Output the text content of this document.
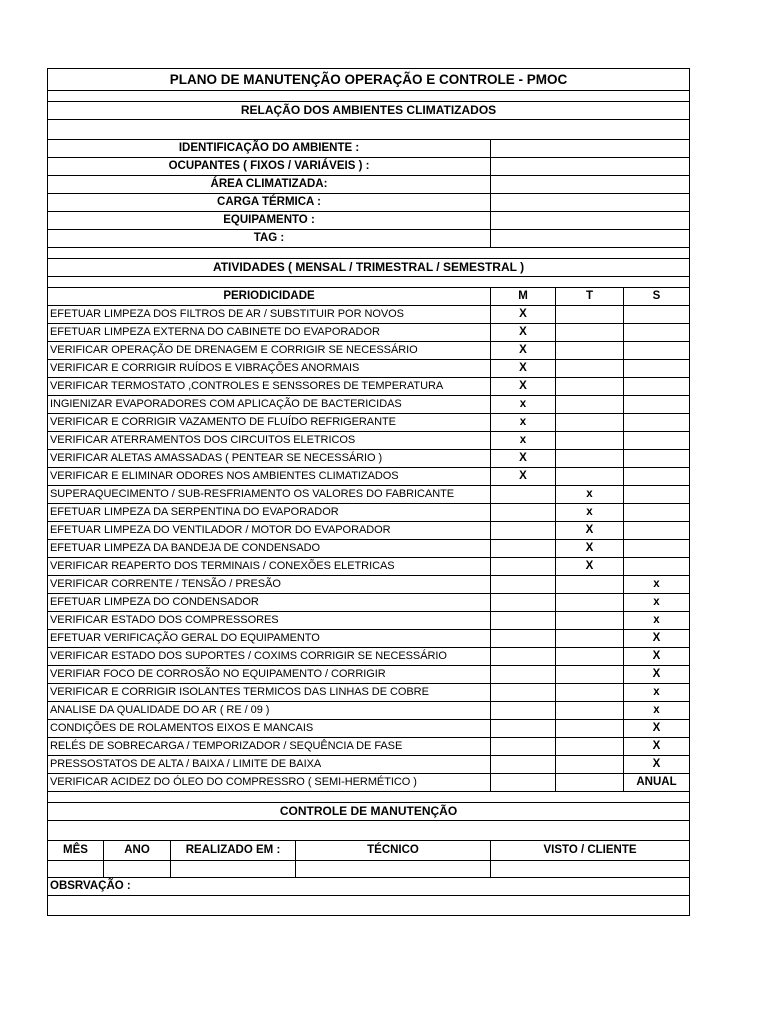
PLANO DE MANUTENÇÃO OPERAÇÃO E CONTROLE - PMOC						

RELAÇÃO DOS AMBIENTES CLIMATIZADOS						

IDENTIFICAÇÃO DO AMBIENTE :						
OCUPANTES ( FIXOS / VARIÁVEIS ) :						
ÁREA CLIMATIZADA:						
CARGA TÉRMICA :						
EQUIPAMENTO :						
TAG :						

ATIVIDADES ( MENSAL / TRIMESTRAL / SEMESTRAL )						

PERIODICIDADE				M	T	S
EFETUAR LIMPEZA DOS FILTROS DE AR / SUBSTITUIR POR NOVOS				X		
EFETUAR LIMPEZA EXTERNA DO CABINETE DO EVAPORADOR				X		
VERIFICAR OPERAÇÃO DE DRENAGEM E CORRIGIR SE NECESSÁRIO				X		
VERIFICAR E CORRIGIR RUÍDOS E VIBRAÇÕES ANORMAIS				X		
VERIFICAR TERMOSTATO ,CONTROLES E SENSSORES DE TEMPERATURA				X		
INGIENIZAR EVAPORADORES COM APLICAÇÃO DE BACTERICIDAS				x		
VERIFICAR E CORRIGIR VAZAMENTO DE FLUÍDO REFRIGERANTE				x		
VERIFICAR ATERRAMENTOS DOS CIRCUITOS ELETRICOS				x		
VERIFICAR ALETAS AMASSADAS ( PENTEAR SE NECESSÁRIO )				X		
VERIFICAR E ELIMINAR ODORES NOS AMBIENTES CLIMATIZADOS				X		
SUPERAQUECIMENTO / SUB-RESFRIAMENTO OS VALORES DO FABRICANTE					x	
EFETUAR LIMPEZA DA SERPENTINA DO EVAPORADOR					x	
EFETUAR LIMPEZA DO VENTILADOR / MOTOR DO EVAPORADOR					X	
EFETUAR LIMPEZA DA BANDEJA DE CONDENSADO					X	
VERIFICAR REAPERTO DOS TERMINAIS / CONEXÕES ELETRICAS					X	
VERIFICAR CORRENTE / TENSÃO / PRESÃO						x
EFETUAR LIMPEZA DO CONDENSADOR						x
VERIFICAR ESTADO DOS COMPRESSORES						x
EFETUAR VERIFICAÇÃO GERAL DO EQUIPAMENTO						X
VERIFICAR ESTADO DOS SUPORTES / COXIMS CORRIGIR SE NECESSÁRIO						X
VERIFIAR FOCO DE CORROSÃO NO EQUIPAMENTO / CORRIGIR						X
VERIFICAR E CORRIGIR ISOLANTES TERMICOS DAS LINHAS DE COBRE						x
ANALISE DA QUALIDADE DO AR ( RE / 09 )						x
CONDIÇÕES DE ROLAMENTOS EIXOS E MANCAIS						X
RELÉS DE SOBRECARGA / TEMPORIZADOR / SEQUÊNCIA DE FASE						X
PRESSOSTATOS DE ALTA / BAIXA / LIMITE DE BAIXA						X
VERIFICAR ACIDEZ DO ÓLEO DO COMPRESSRO ( SEMI-HERMÉTICO )						ANUAL

CONTROLE DE MANUTENÇÃO						

MÊS	ANO	REALIZADO EM :	TÉCNICO	VISTO / CLIENTE		

OBSRVAÇÃO :						
